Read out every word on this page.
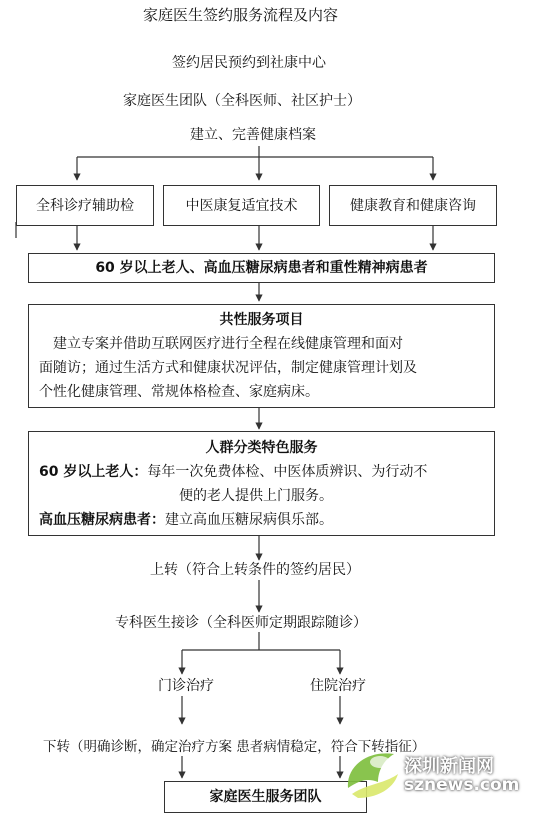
家庭医生签约服务流程及内容
签约居民预约到社康中心
家庭医生团队（全科医师、社区护士）
建立、完善健康档案
全科诊疗辅助检	中医康复适宜技术	健康教育和健康咨询
60 岁以上老人、高血压糖尿病患者和重性精神病患者
共性服务项目
建立专案并借助互联网医疗进行全程在线健康管理和面对
面随访；通过生活方式和健康状况评估，制定健康管理计划及
个性化健康管理、常规体格检查、家庭病床。
人群分类特色服务
60 岁以上老人：每年一次免费体检、中医体质辨识、为行动不
便的老人提供上门服务。
高血压糖尿病患者：建立高血压糖尿病俱乐部。
上转（符合上转条件的签约居民）
专科医生接诊（全科医师定期跟踪随诊）
门诊治疗	住院治疗
下转（明确诊断，确定治疗方案 患者病情稳定，符合下转指征）
家庭医生服务团队
深圳新闻网
sznews.com
